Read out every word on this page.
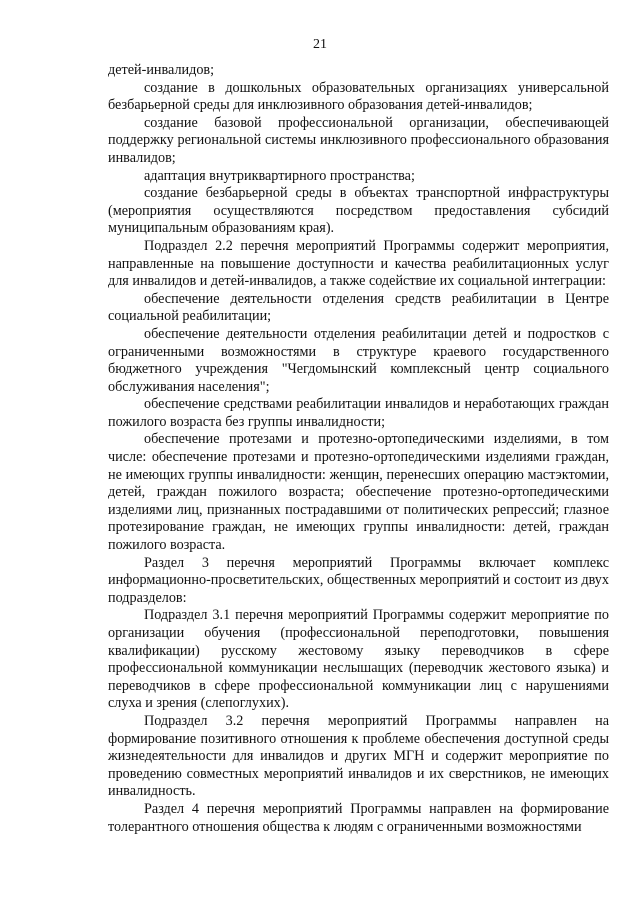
21

детей-инвалидов;

создание в дошкольных образовательных организациях универсальной безбарьерной среды для инклюзивного образования детей-инвалидов;

создание базовой профессиональной организации, обеспечивающей поддержку региональной системы инклюзивного профессионального образования инвалидов;

адаптация внутриквартирного пространства;

создание безбарьерной среды в объектах транспортной инфраструктуры (мероприятия осуществляются посредством предоставления субсидий муниципальным образованиям края).

Подраздел 2.2 перечня мероприятий Программы содержит мероприятия, направленные на повышение доступности и качества реабилитационных услуг для инвалидов и детей-инвалидов, а также содействие их социальной интеграции:

обеспечение деятельности отделения средств реабилитации в Центре социальной реабилитации;

обеспечение деятельности отделения реабилитации детей и подростков с ограниченными возможностями в структуре краевого государственного бюджетного учреждения "Чегдомынский комплексный центр социального обслуживания населения";

обеспечение средствами реабилитации инвалидов и неработающих граждан пожилого возраста без группы инвалидности;

обеспечение протезами и протезно-ортопедическими изделиями, в том числе: обеспечение протезами и протезно-ортопедическими изделиями граждан, не имеющих группы инвалидности: женщин, перенесших операцию мастэктомии, детей, граждан пожилого возраста; обеспечение протезно-ортопедическими изделиями лиц, признанных пострадавшими от политических репрессий; глазное протезирование граждан, не имеющих группы инвалидности: детей, граждан пожилого возраста.

Раздел 3 перечня мероприятий Программы включает комплекс информационно-просветительских, общественных мероприятий и состоит из двух подразделов:

Подраздел 3.1 перечня мероприятий Программы содержит мероприятие по организации обучения (профессиональной переподготовки, повышения квалификации) русскому жестовому языку переводчиков в сфере профессиональной коммуникации неслышащих (переводчик жестового языка) и переводчиков в сфере профессиональной коммуникации лиц с нарушениями слуха и зрения (слепоглухих).

Подраздел 3.2 перечня мероприятий Программы направлен на формирование позитивного отношения к проблеме обеспечения доступной среды жизнедеятельности для инвалидов и других МГН и содержит мероприятие по проведению совместных мероприятий инвалидов и их сверстников, не имеющих инвалидность.

Раздел 4 перечня мероприятий Программы направлен на формирование толерантного отношения общества к людям с ограниченными возможностями
